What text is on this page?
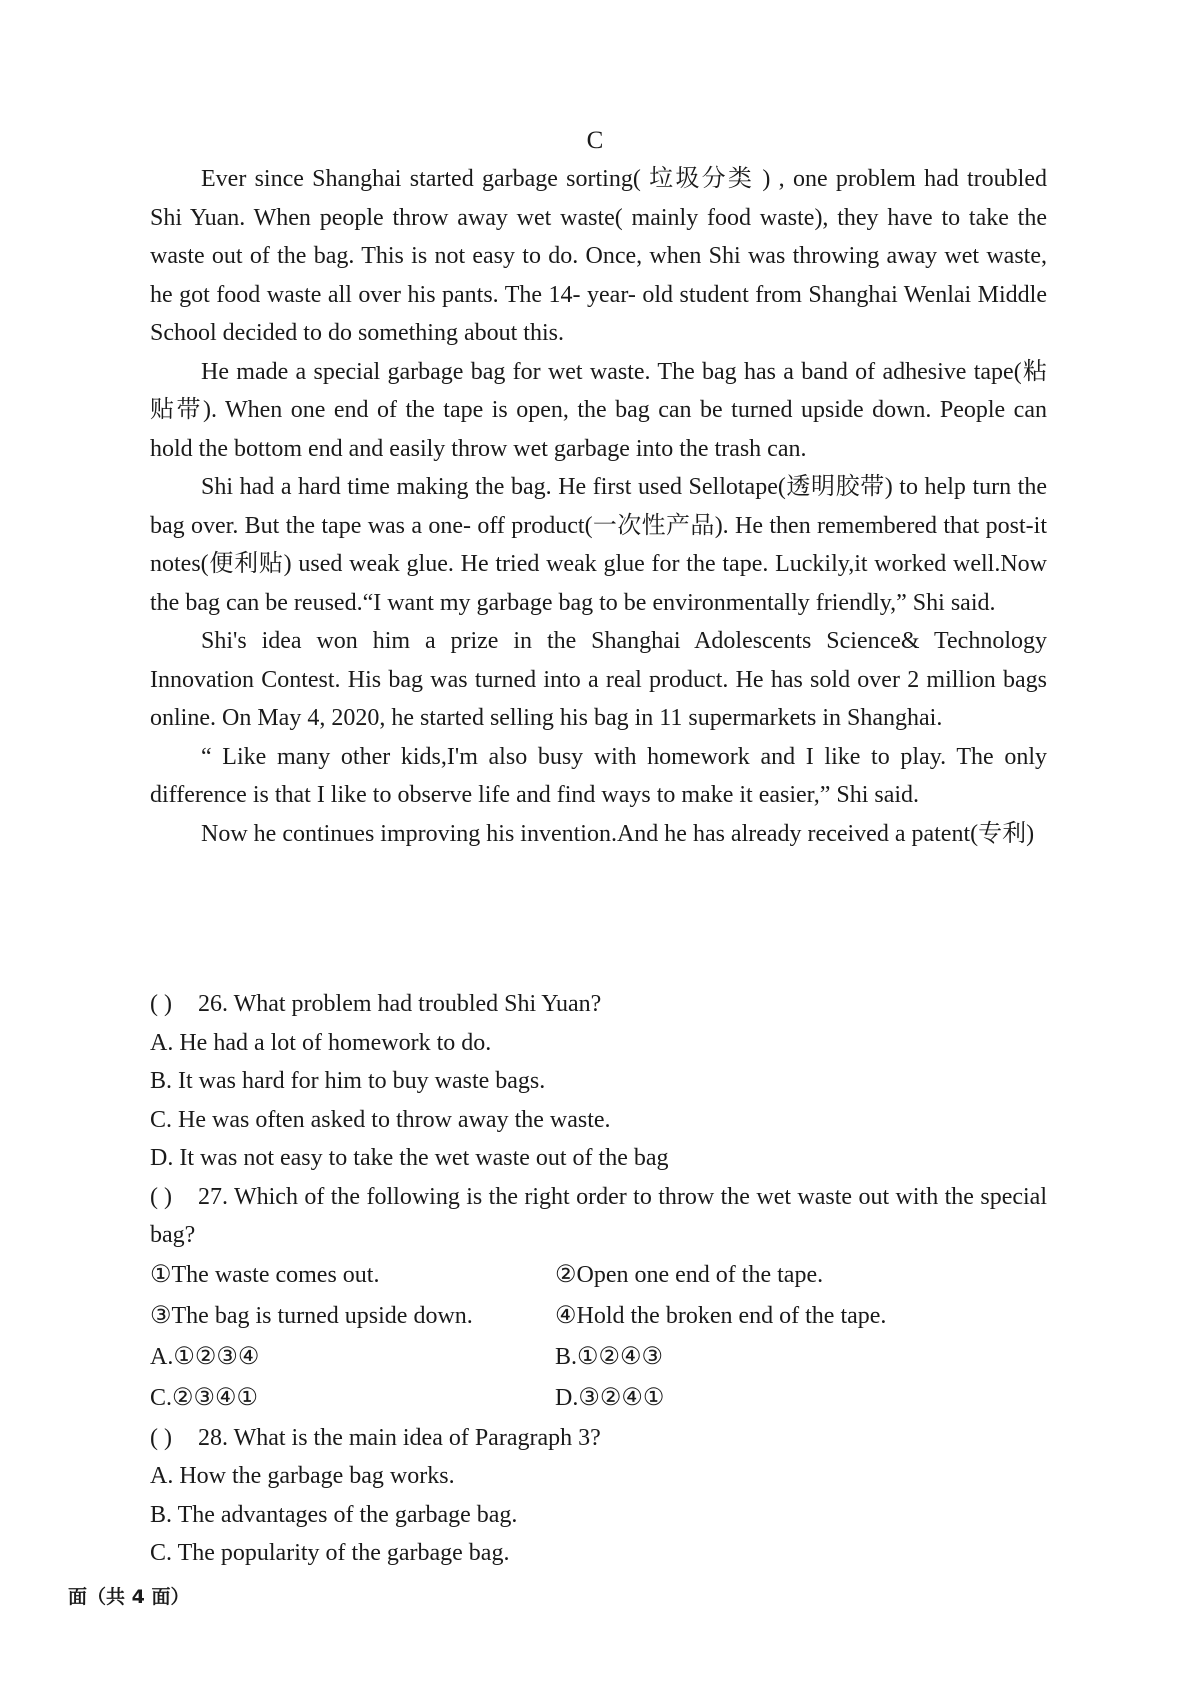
C

Ever since Shanghai started garbage sorting( 垃圾分类 ) , one problem had troubled Shi Yuan. When people throw away wet waste( mainly food waste), they have to take the waste out of the bag. This is not easy to do. Once, when Shi was throwing away wet waste, he got food waste all over his pants. The 14- year- old student from Shanghai Wenlai Middle School decided to do something about this.

He made a special garbage bag for wet waste. The bag has a band of adhesive tape(粘贴带). When one end of the tape is open, the bag can be turned upside down. People can hold the bottom end and easily throw wet garbage into the trash can.

Shi had a hard time making the bag. He first used Sellotape(透明胶带) to help turn the bag over. But the tape was a one- off product(一次性产品). He then remembered that post-it notes(便利贴) used weak glue. He tried weak glue for the tape. Luckily,it worked well.Now the bag can be reused.“I want my garbage bag to be environmentally friendly,” Shi said.

Shi's idea won him a prize in the Shanghai Adolescents Science& Technology Innovation Contest. His bag was turned into a real product. He has sold over 2 million bags online. On May 4, 2020, he started selling his bag in 11 supermarkets in Shanghai.

“ Like many other kids,I'm also busy with homework and I like to play. The only difference is that I like to observe life and find ways to make it easier,” Shi said.

Now he continues improving his invention.And he has already received a patent(专利)

( ) 26. What problem had troubled Shi Yuan?

A. He had a lot of homework to do.

B. It was hard for him to buy waste bags.

C. He was often asked to throw away the waste.

D. It was not easy to take the wet waste out of the bag

( ) 27. Which of the following is the right order to throw the wet waste out with the special bag?

①The waste comes out.	②Open one end of the tape.
③The bag is turned upside down.	④Hold the broken end of the tape.
A.①②③④	B.①②④③
C.②③④①	D.③②④①

( ) 28. What is the main idea of Paragraph 3?

A. How the garbage bag works.

B. The advantages of the garbage bag.

C. The popularity of the garbage bag.

面（共 4 面）
